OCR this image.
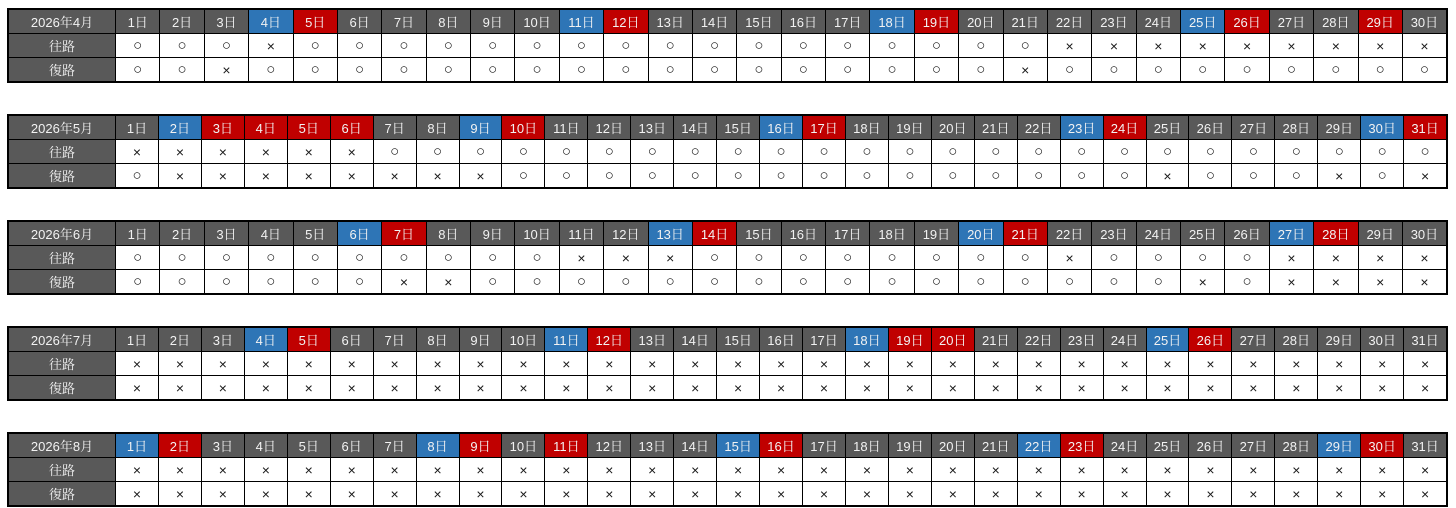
2026年4月	1日	2日	3日	4日	5日	6日	7日	8日	9日	10日	11日	12日	13日	14日	15日	16日	17日	18日	19日	20日	21日	22日	23日	24日	25日	26日	27日	28日	29日	30日
往路	○	○	○	×	○	○	○	○	○	○	○	○	○	○	○	○	○	○	○	○	○	×	×	×	×	×	×	×	×	×
復路	○	○	×	○	○	○	○	○	○	○	○	○	○	○	○	○	○	○	○	○	×	○	○	○	○	○	○	○	○	○
2026年5月	1日	2日	3日	4日	5日	6日	7日	8日	9日	10日	11日	12日	13日	14日	15日	16日	17日	18日	19日	20日	21日	22日	23日	24日	25日	26日	27日	28日	29日	30日	31日
往路	×	×	×	×	×	×	○	○	○	○	○	○	○	○	○	○	○	○	○	○	○	○	○	○	○	○	○	○	○	○	○
復路	○	×	×	×	×	×	×	×	×	○	○	○	○	○	○	○	○	○	○	○	○	○	○	○	×	○	○	○	×	○	×
2026年6月	1日	2日	3日	4日	5日	6日	7日	8日	9日	10日	11日	12日	13日	14日	15日	16日	17日	18日	19日	20日	21日	22日	23日	24日	25日	26日	27日	28日	29日	30日
往路	○	○	○	○	○	○	○	○	○	○	×	×	×	○	○	○	○	○	○	○	○	×	○	○	○	○	×	×	×	×
復路	○	○	○	○	○	○	×	×	○	○	○	○	○	○	○	○	○	○	○	○	○	○	○	○	×	○	×	×	×	×
2026年7月	1日	2日	3日	4日	5日	6日	7日	8日	9日	10日	11日	12日	13日	14日	15日	16日	17日	18日	19日	20日	21日	22日	23日	24日	25日	26日	27日	28日	29日	30日	31日
往路	×	×	×	×	×	×	×	×	×	×	×	×	×	×	×	×	×	×	×	×	×	×	×	×	×	×	×	×	×	×	×
復路	×	×	×	×	×	×	×	×	×	×	×	×	×	×	×	×	×	×	×	×	×	×	×	×	×	×	×	×	×	×	×
2026年8月	1日	2日	3日	4日	5日	6日	7日	8日	9日	10日	11日	12日	13日	14日	15日	16日	17日	18日	19日	20日	21日	22日	23日	24日	25日	26日	27日	28日	29日	30日	31日
往路	×	×	×	×	×	×	×	×	×	×	×	×	×	×	×	×	×	×	×	×	×	×	×	×	×	×	×	×	×	×	×
復路	×	×	×	×	×	×	×	×	×	×	×	×	×	×	×	×	×	×	×	×	×	×	×	×	×	×	×	×	×	×	×
